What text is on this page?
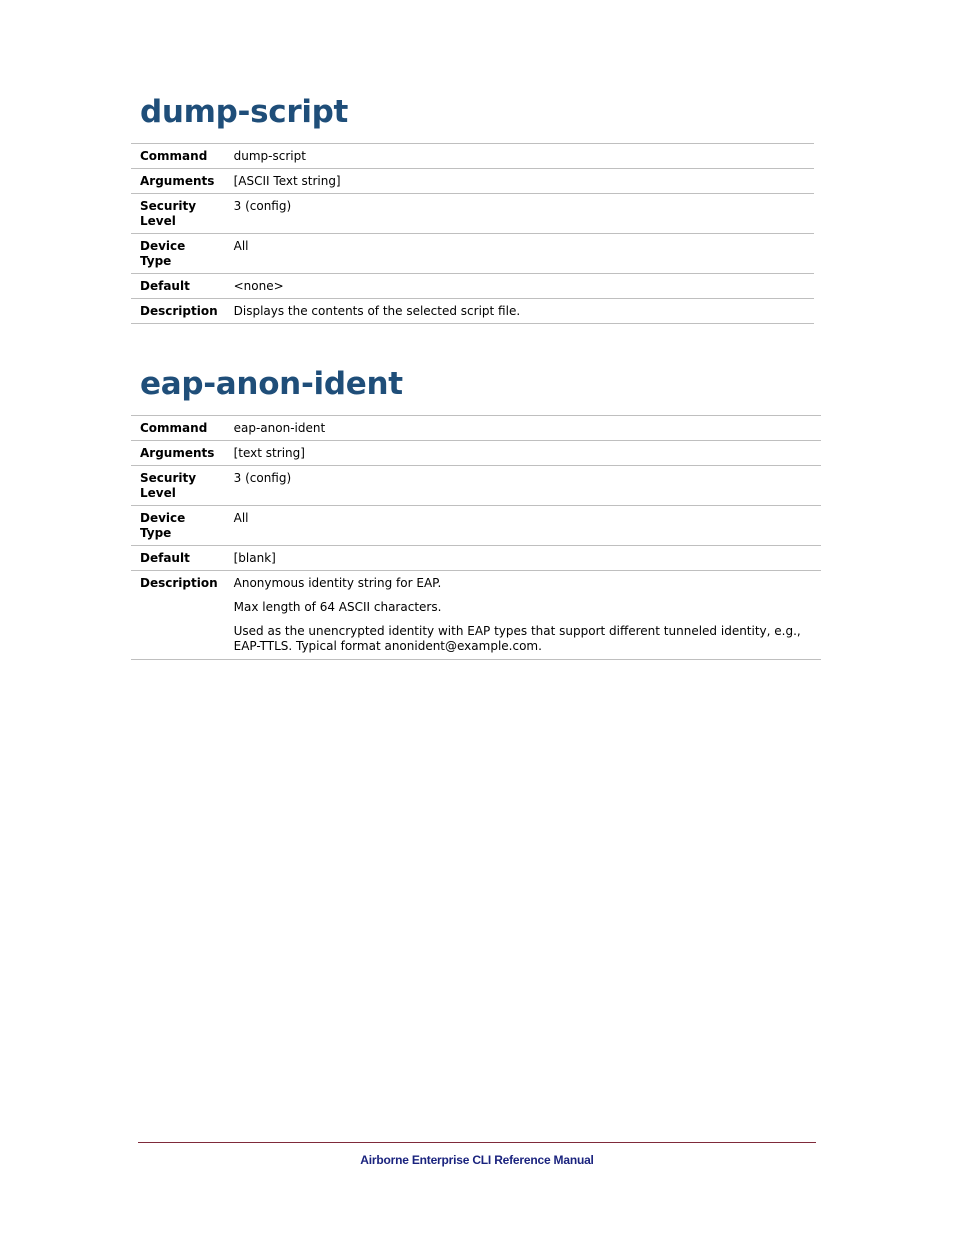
dump-script
Command	dump-script
Arguments	[ASCII Text string]
Security Level	3 (config)
Device Type	All
Default	<none>
Description	Displays the contents of the selected script file.
eap-anon-ident
Command	eap-anon-ident
Arguments	[text string]
Security Level	3 (config)
Device Type	All
Default	[blank]
Description	Anonymous identity string for EAP.

Max length of 64 ASCII characters.

Used as the unencrypted identity with EAP types that support different tunneled identity, e.g., EAP-TTLS. Typical format anonident@example.com.

Airborne Enterprise CLI Reference Manual
